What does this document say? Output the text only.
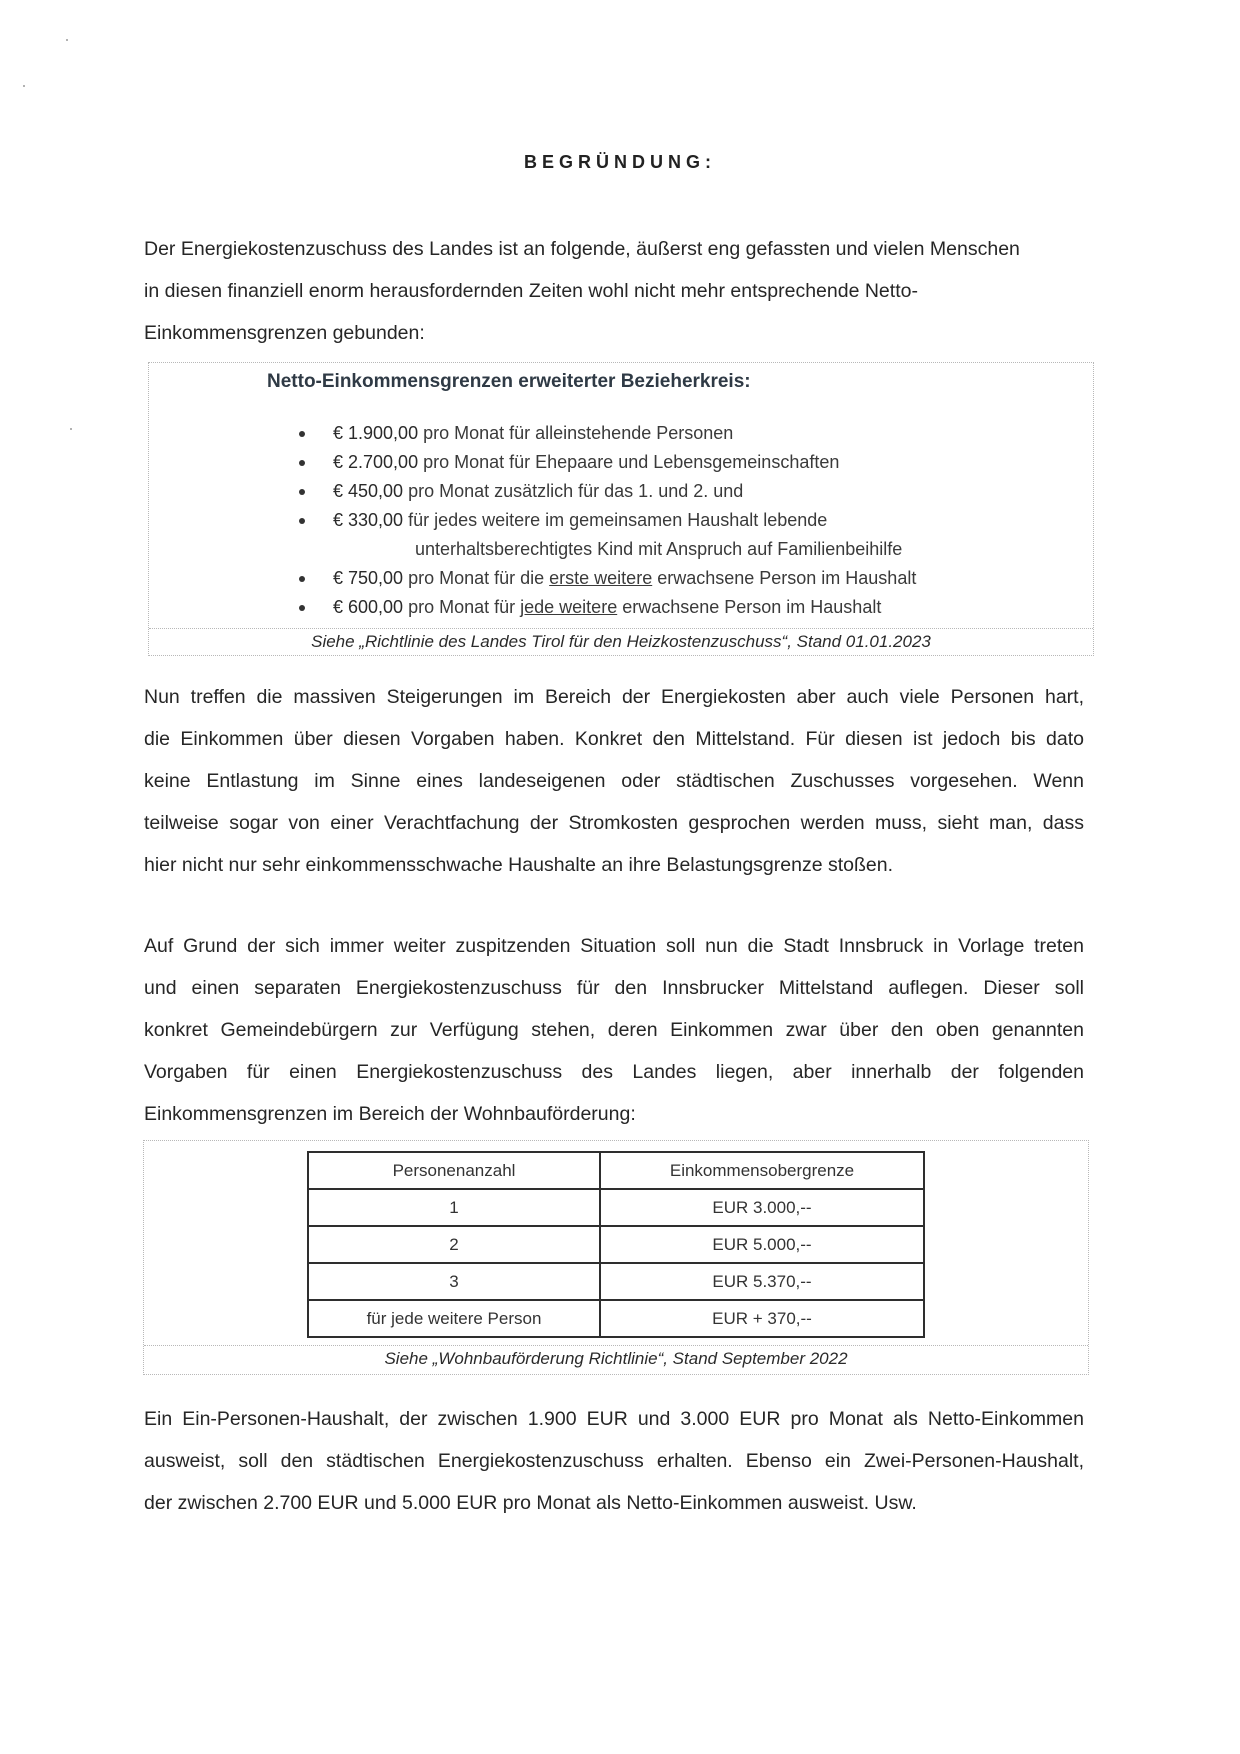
BEGRÜNDUNG:
Der Energiekostenzuschuss des Landes ist an folgende, äußerst eng gefassten und vielen Menschen
in diesen finanziell enorm herausfordernden Zeiten wohl nicht mehr entsprechende Netto-
Einkommensgrenzen gebunden:
Netto-Einkommensgrenzen erweiterter Bezieherkreis:
€ 1.900,00 pro Monat für alleinstehende Personen
€ 2.700,00 pro Monat für Ehepaare und Lebensgemeinschaften
€ 450,00 pro Monat zusätzlich für das 1. und 2. und
€ 330,00 für jedes weitere im gemeinsamen Haushalt lebende
unterhaltsberechtigtes Kind mit Anspruch auf Familienbeihilfe
€ 750,00 pro Monat für die erste weitere erwachsene Person im Haushalt
€ 600,00 pro Monat für jede weitere erwachsene Person im Haushalt
Siehe „Richtlinie des Landes Tirol für den Heizkostenzuschuss“, Stand 01.01.2023
Nun treffen die massiven Steigerungen im Bereich der Energiekosten aber auch viele Personen hart,
die Einkommen über diesen Vorgaben haben. Konkret den Mittelstand. Für diesen ist jedoch bis dato
keine Entlastung im Sinne eines landeseigenen oder städtischen Zuschusses vorgesehen. Wenn
teilweise sogar von einer Verachtfachung der Stromkosten gesprochen werden muss, sieht man, dass
hier nicht nur sehr einkommensschwache Haushalte an ihre Belastungsgrenze stoßen.
Auf Grund der sich immer weiter zuspitzenden Situation soll nun die Stadt Innsbruck in Vorlage treten
und einen separaten Energiekostenzuschuss für den Innsbrucker Mittelstand auflegen. Dieser soll
konkret Gemeindebürgern zur Verfügung stehen, deren Einkommen zwar über den oben genannten
Vorgaben für einen Energiekostenzuschuss des Landes liegen, aber innerhalb der folgenden
Einkommensgrenzen im Bereich der Wohnbauförderung:
Personenanzahl	Einkommensobergrenze
1	EUR 3.000,--
2	EUR 5.000,--
3	EUR 5.370,--
für jede weitere Person	EUR + 370,--
Siehe „Wohnbauförderung Richtlinie“, Stand September 2022
Ein Ein-Personen-Haushalt, der zwischen 1.900 EUR und 3.000 EUR pro Monat als Netto-Einkommen
ausweist, soll den städtischen Energiekostenzuschuss erhalten. Ebenso ein Zwei-Personen-Haushalt,
der zwischen 2.700 EUR und 5.000 EUR pro Monat als Netto-Einkommen ausweist. Usw.
